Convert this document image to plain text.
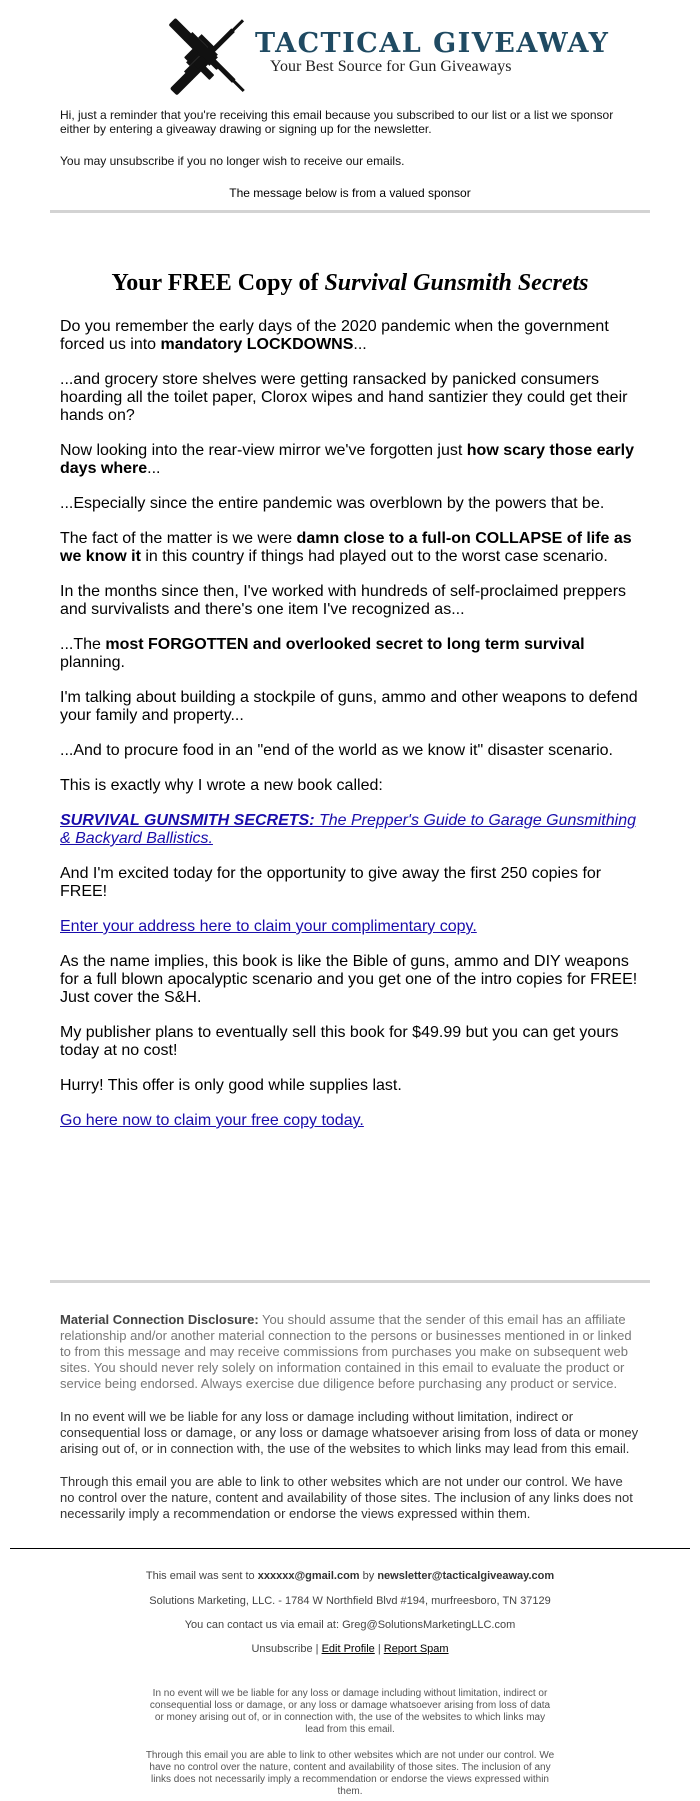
TACTICAL GIVEAWAY
Your Best Source for Gun Giveaways

Hi, just a reminder that you're receiving this email because you subscribed to our list or a list we sponsor either by entering a giveaway drawing or signing up for the newsletter.

You may unsubscribe if you no longer wish to receive our emails.

The message below is from a valued sponsor
Your FREE Copy of Survival Gunsmith Secrets

Do you remember the early days of the 2020 pandemic when the government forced us into mandatory LOCKDOWNS...

...and grocery store shelves were getting ransacked by panicked consumers hoarding all the toilet paper, Clorox wipes and hand santizier they could get their hands on?

Now looking into the rear-view mirror we've forgotten just how scary those early days where...

...Especially since the entire pandemic was overblown by the powers that be.

The fact of the matter is we were damn close to a full-on COLLAPSE of life as we know it in this country if things had played out to the worst case scenario.

In the months since then, I've worked with hundreds of self-proclaimed preppers and survivalists and there's one item I've recognized as...

...The most FORGOTTEN and overlooked secret to long term survival planning.

I'm talking about building a stockpile of guns, ammo and other weapons to defend your family and property...

...And to procure food in an "end of the world as we know it" disaster scenario.

This is exactly why I wrote a new book called:

SURVIVAL GUNSMITH SECRETS: The Prepper's Guide to Garage Gunsmithing & Backyard Ballistics.

And I'm excited today for the opportunity to give away the first 250 copies for FREE!

Enter your address here to claim your complimentary copy.

As the name implies, this book is like the Bible of guns, ammo and DIY weapons for a full blown apocalyptic scenario and you get one of the intro copies for FREE! Just cover the S&H.

My publisher plans to eventually sell this book for $49.99 but you can get yours today at no cost!

Hurry! This offer is only good while supplies last.

Go here now to claim your free copy today.

Material Connection Disclosure: You should assume that the sender of this email has an affiliate relationship and/or another material connection to the persons or businesses mentioned in or linked to from this message and may receive commissions from purchases you make on subsequent web sites. You should never rely solely on information contained in this email to evaluate the product or service being endorsed. Always exercise due diligence before purchasing any product or service.

In no event will we be liable for any loss or damage including without limitation, indirect or consequential loss or damage, or any loss or damage whatsoever arising from loss of data or money arising out of, or in connection with, the use of the websites to which links may lead from this email.

Through this email you are able to link to other websites which are not under our control. We have no control over the nature, content and availability of those sites. The inclusion of any links does not necessarily imply a recommendation or endorse the views expressed within them.

This email was sent to xxxxxx@gmail.com by newsletter@tacticalgiveaway.com
Solutions Marketing, LLC. - 1784 W Northfield Blvd #194, murfreesboro, TN 37129
You can contact us via email at: Greg@SolutionsMarketingLLC.com
Unsubscribe | Edit Profile | Report Spam
In no event will we be liable for any loss or damage including without limitation, indirect or consequential loss or damage, or any loss or damage whatsoever arising from loss of data or money arising out of, or in connection with, the use of the websites to which links may lead from this email.
Through this email you are able to link to other websites which are not under our control. We have no control over the nature, content and availability of those sites. The inclusion of any links does not necessarily imply a recommendation or endorse the views expressed within them.
